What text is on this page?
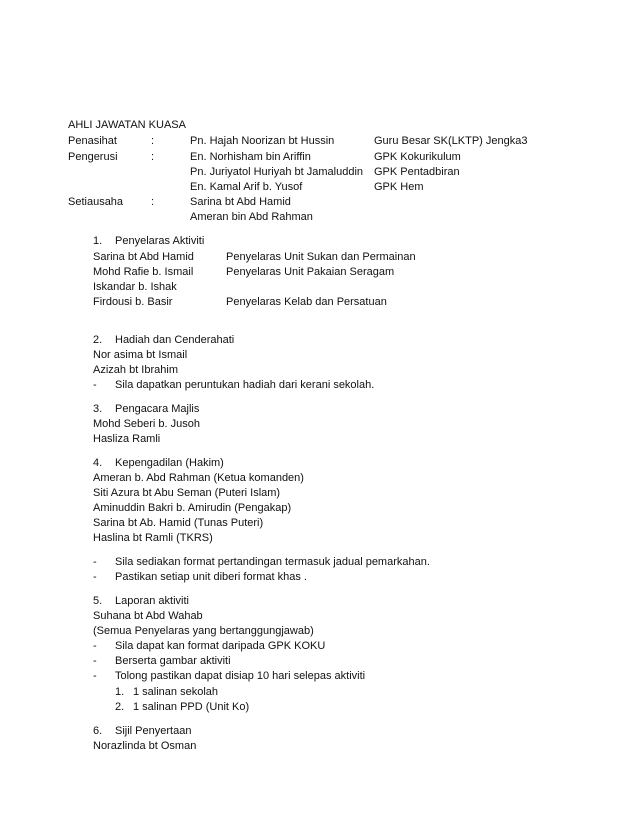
AHLI JAWATAN KUASA
Penasihat	:	Pn. Hajah Noorizan bt Hussin	Guru Besar SK(LKTP) Jengka3
Pengerusi	:	En. Norhisham bin Ariffin	GPK Kokurikulum
Pn. Juriyatol Huriyah bt Jamaluddin GPK Pentadbiran
En. Kamal Arif b. Yusof	GPK Hem
Setiausaha	:	Sarina bt Abd Hamid
Ameran bin Abd Rahman
1. Penyelaras Aktiviti
Sarina bt Abd Hamid	Penyelaras Unit Sukan dan Permainan
Mohd Rafie b. Ismail	Penyelaras Unit Pakaian Seragam
Iskandar b. Ishak
Firdousi b. Basir	Penyelaras Kelab dan Persatuan
2. Hadiah dan Cenderahati
Nor asima bt Ismail
Azizah bt Ibrahim
- Sila dapatkan peruntukan hadiah dari kerani sekolah.
3. Pengacara Majlis
Mohd Seberi b. Jusoh
Hasliza Ramli
4. Kepengadilan (Hakim)
Ameran b. Abd Rahman (Ketua komanden)
Siti Azura bt Abu Seman (Puteri Islam)
Aminuddin Bakri b. Amirudin (Pengakap)
Sarina bt Ab. Hamid (Tunas Puteri)
Haslina bt Ramli (TKRS)
- Sila sediakan format pertandingan termasuk jadual pemarkahan.
- Pastikan setiap unit diberi format khas .
5. Laporan aktiviti
Suhana bt Abd Wahab
(Semua Penyelaras yang bertanggungjawab)
- Sila dapat kan format daripada GPK KOKU
- Berserta gambar aktiviti
- Tolong pastikan dapat disiap 10 hari selepas aktiviti
1. 1 salinan sekolah
2. 1 salinan PPD (Unit Ko)
6. Sijil Penyertaan
Norazlinda bt Osman
